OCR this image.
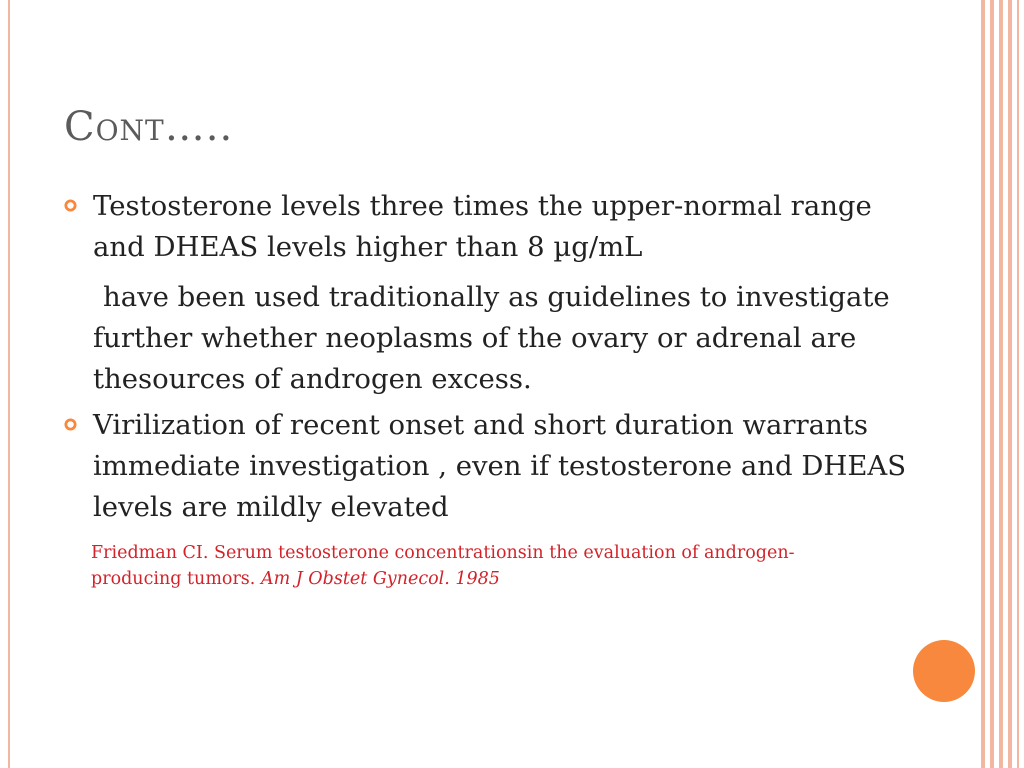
Cont…..
Testosterone levels three times the upper-normal range and DHEAS levels higher than 8 µg/mL
have been used traditionally as guidelines to investigate further whether neoplasms of the ovary or adrenal are thesources of androgen excess.
Virilization of recent onset and short duration warrants immediate investigation , even if testosterone and DHEAS levels are mildly elevated
Friedman CI. Serum testosterone concentrationsin the evaluation of androgen-producing tumors. Am J Obstet Gynecol. 1985
